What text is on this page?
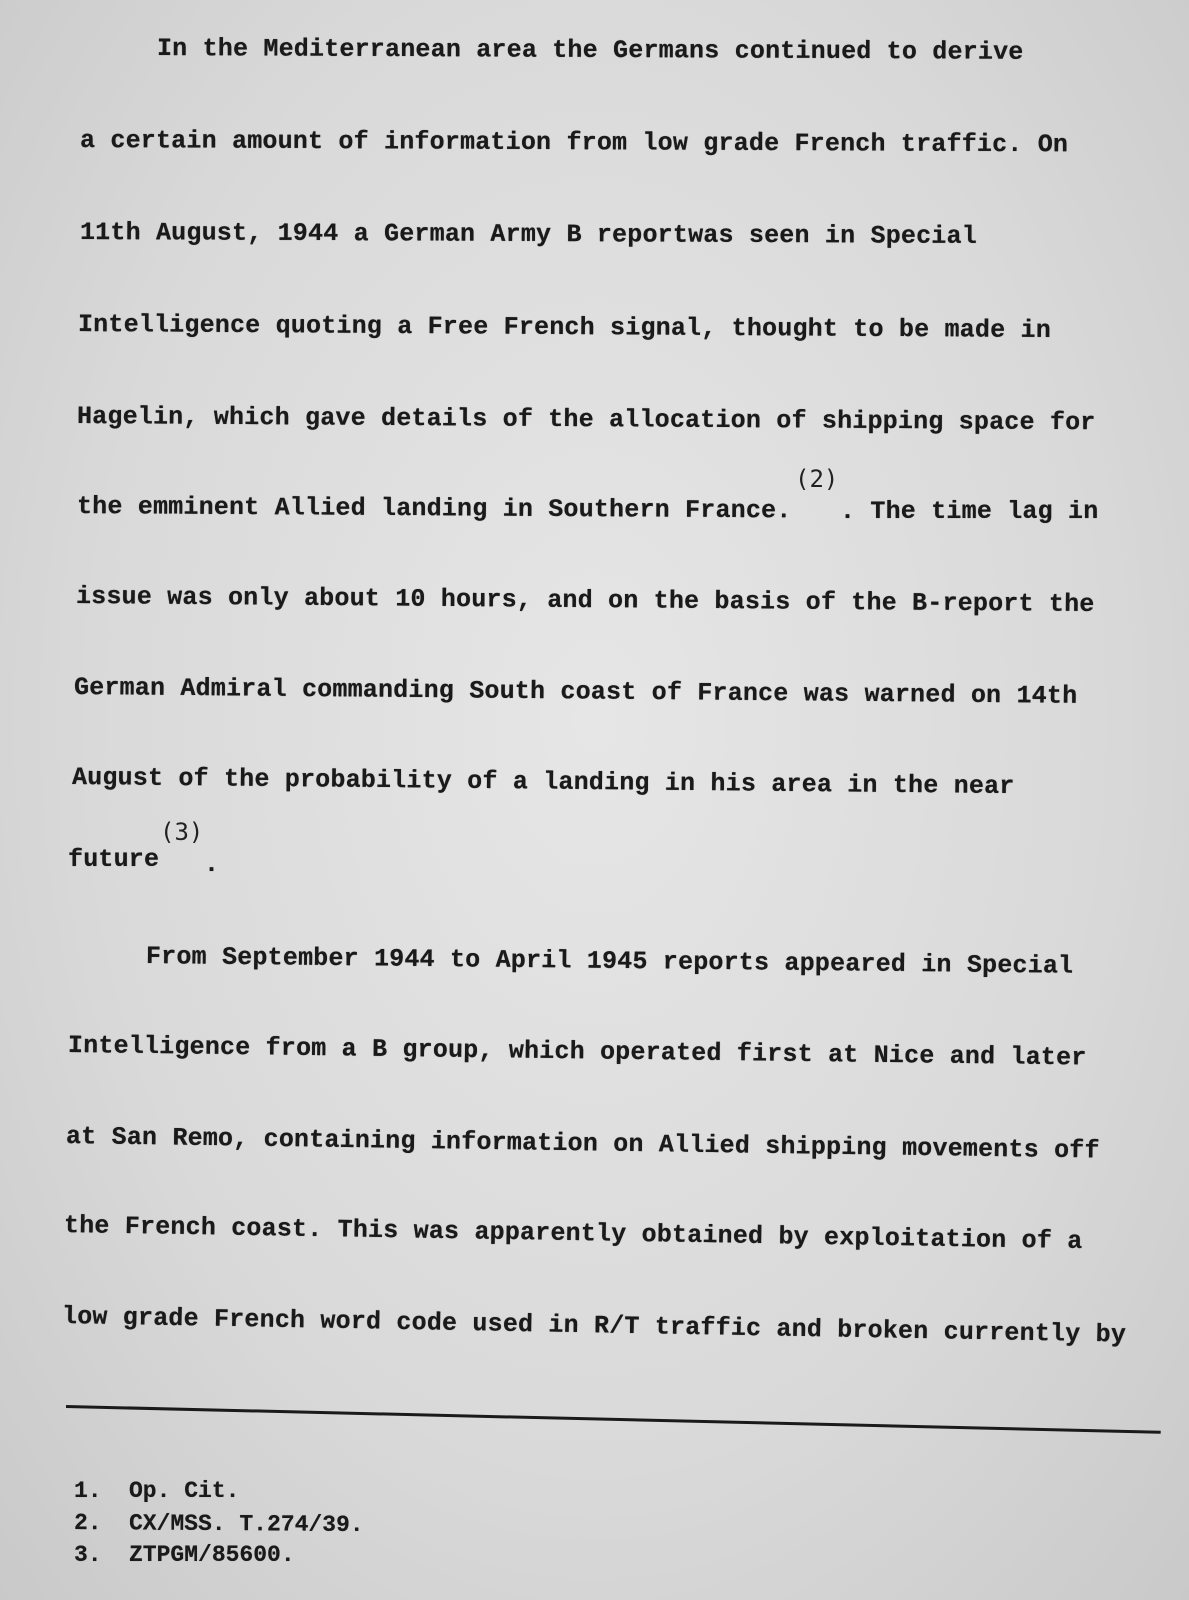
In the Mediterranean area the Germans continued to derive
a certain amount of information from low grade French traffic. On
11th August, 1944 a German Army B reportwas seen in Special
Intelligence quoting a Free French signal, thought to be made in
Hagelin, which gave details of the allocation of shipping space for
(2)
the emminent Allied landing in Southern France. . The time lag in
issue was only about 10 hours, and on the basis of the B-report the
German Admiral commanding South coast of France was warned on 14th
August of the probability of a landing in his area in the near
(3)
future .
From September 1944 to April 1945 reports appeared in Special
Intelligence from a B group, which operated first at Nice and later
at San Remo, containing information on Allied shipping movements off
the French coast. This was apparently obtained by exploitation of a
low grade French word code used in R/T traffic and broken currently by
1. Op. Cit.
2. CX/MSS. T.274/39.
3. ZTPGM/85600.
